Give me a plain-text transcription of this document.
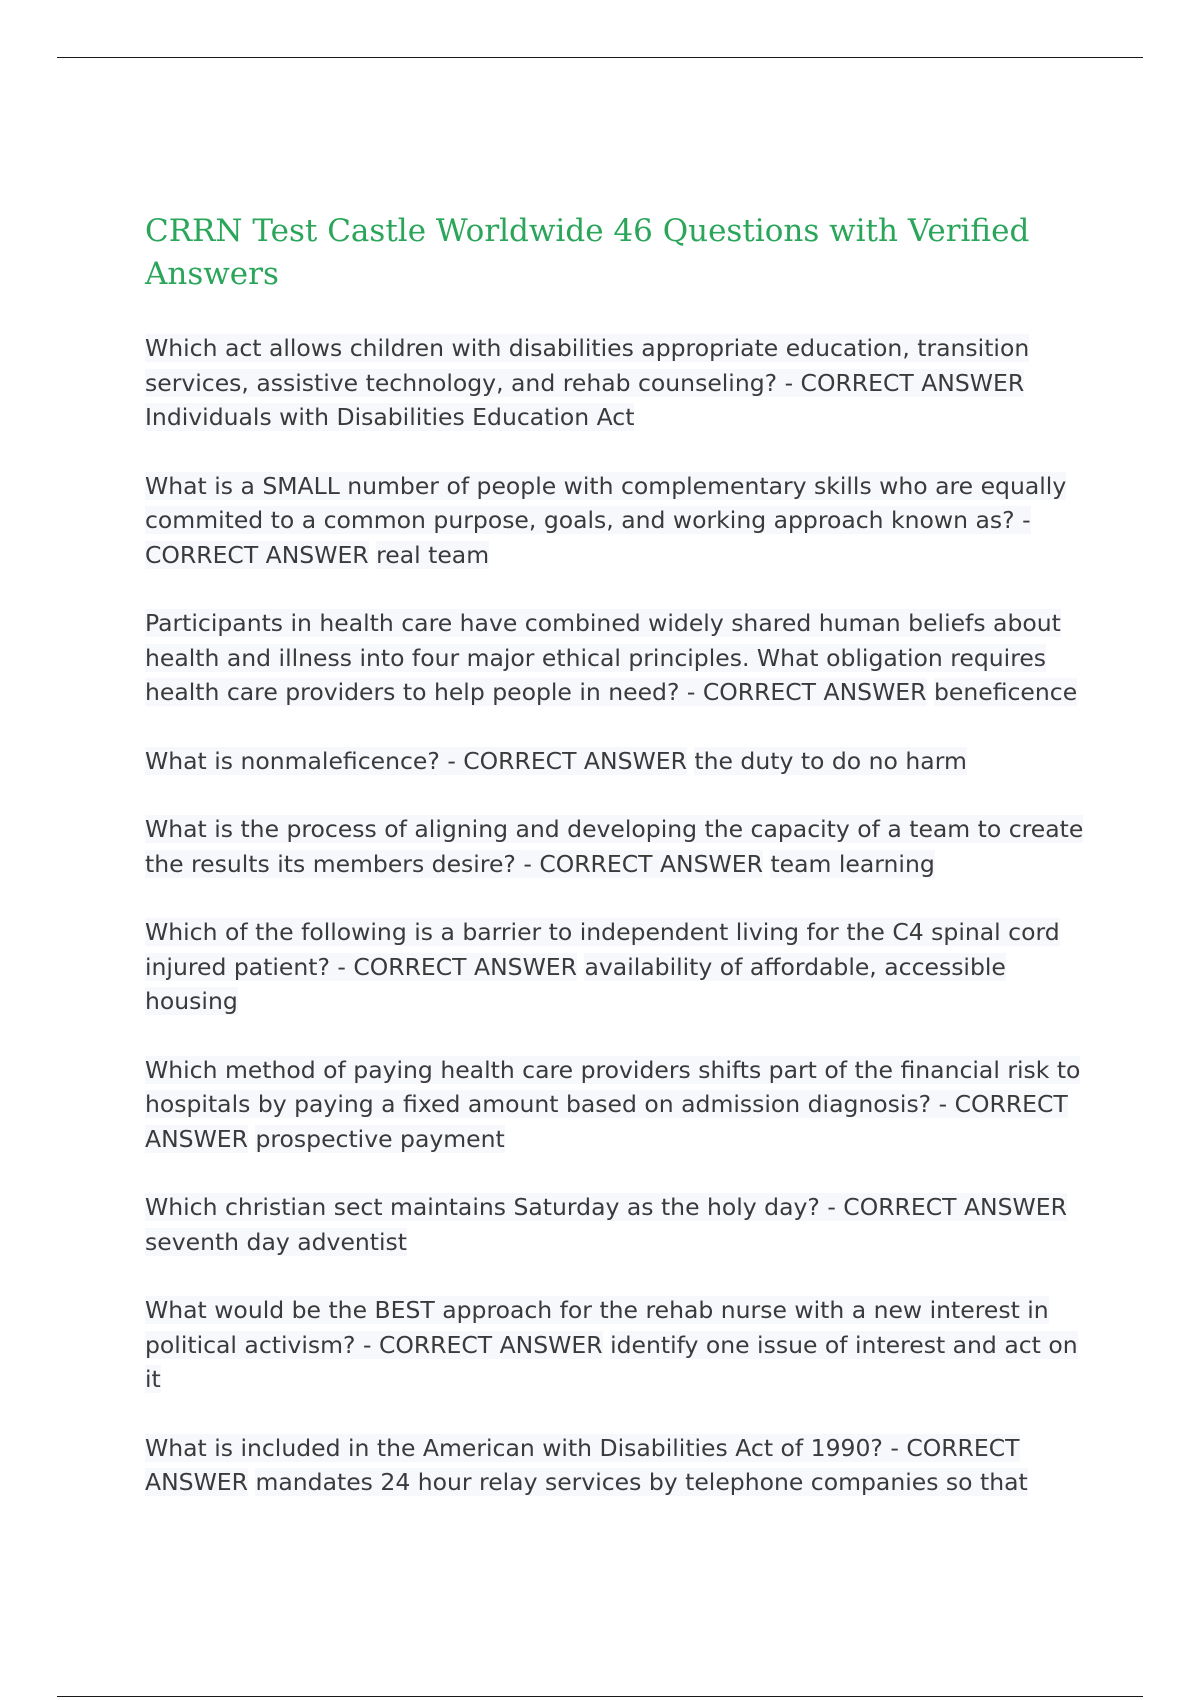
CRRN Test Castle Worldwide 46 Questions with Verified Answers
Which act allows children with disabilities appropriate education, transition services, assistive technology, and rehab counseling? - CORRECT ANSWER Individuals with Disabilities Education Act
What is a SMALL number of people with complementary skills who are equally commited to a common purpose, goals, and working approach known as? - CORRECT ANSWER real team
Participants in health care have combined widely shared human beliefs about health and illness into four major ethical principles. What obligation requires health care providers to help people in need? - CORRECT ANSWER beneficence
What is nonmaleficence? - CORRECT ANSWER the duty to do no harm
What is the process of aligning and developing the capacity of a team to create the results its members desire? - CORRECT ANSWER team learning
Which of the following is a barrier to independent living for the C4 spinal cord injured patient? - CORRECT ANSWER availability of affordable, accessible housing
Which method of paying health care providers shifts part of the financial risk to hospitals by paying a fixed amount based on admission diagnosis? - CORRECT ANSWER prospective payment
Which christian sect maintains Saturday as the holy day? - CORRECT ANSWER seventh day adventist
What would be the BEST approach for the rehab nurse with a new interest in political activism? - CORRECT ANSWER identify one issue of interest and act on it
What is included in the American with Disabilities Act of 1990? - CORRECT ANSWER mandates 24 hour relay services by telephone companies so that
